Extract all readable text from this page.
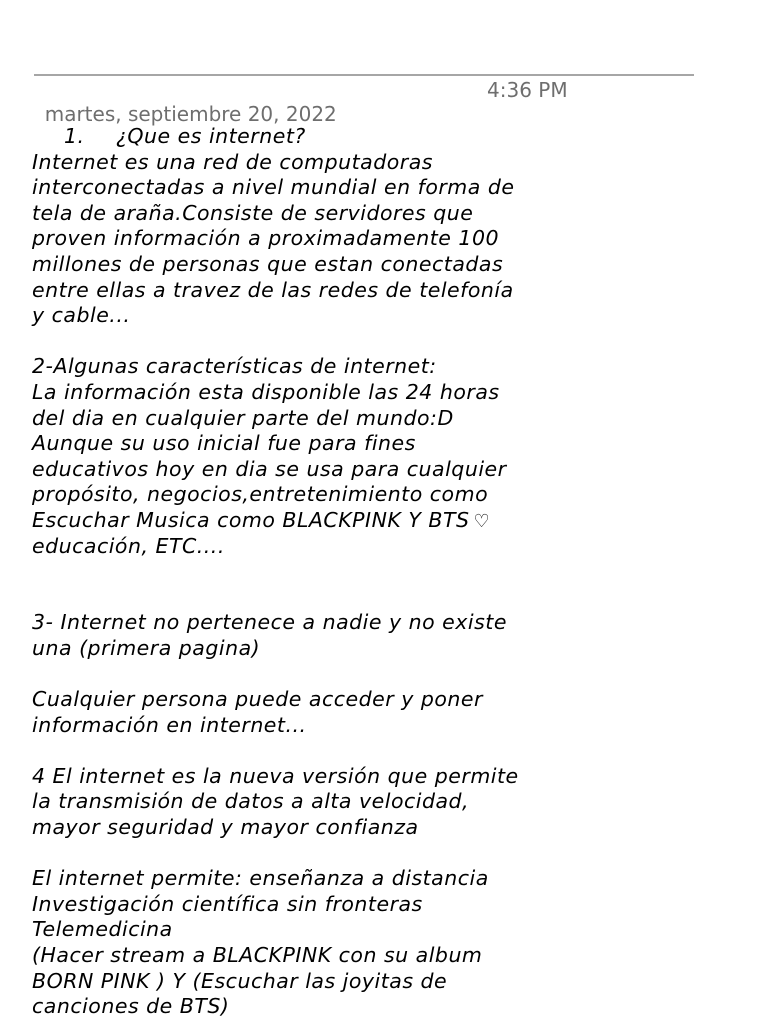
martes, septiembre 20, 2022

4:36 PM

1. ¿Que es internet?
Internet es una red de computadoras
interconectadas a nivel mundial en forma de
tela de araña.Consiste de servidores que
proven información a proximadamente 100
millones de personas que estan conectadas
entre ellas a travez de las redes de telefonía
y cable...
2-Algunas características de internet:
La información esta disponible las 24 horas
del dia en cualquier parte del mundo:D
Aunque su uso inicial fue para fines
educativos hoy en dia se usa para cualquier
propósito, negocios,entretenimiento como
Escuchar Musica como BLACKPINK Y BTS ♡
educación, ETC....
3- Internet no pertenece a nadie y no existe
una (primera pagina)
Cualquier persona puede acceder y poner
información en internet...
4 El internet es la nueva versión que permite
la transmisión de datos a alta velocidad,
mayor seguridad y mayor confianza
El internet permite: enseñanza a distancia
Investigación científica sin fronteras
Telemedicina
(Hacer stream a BLACKPINK con su album
BORN PINK ) Y (Escuchar las joyitas de
canciones de BTS)
